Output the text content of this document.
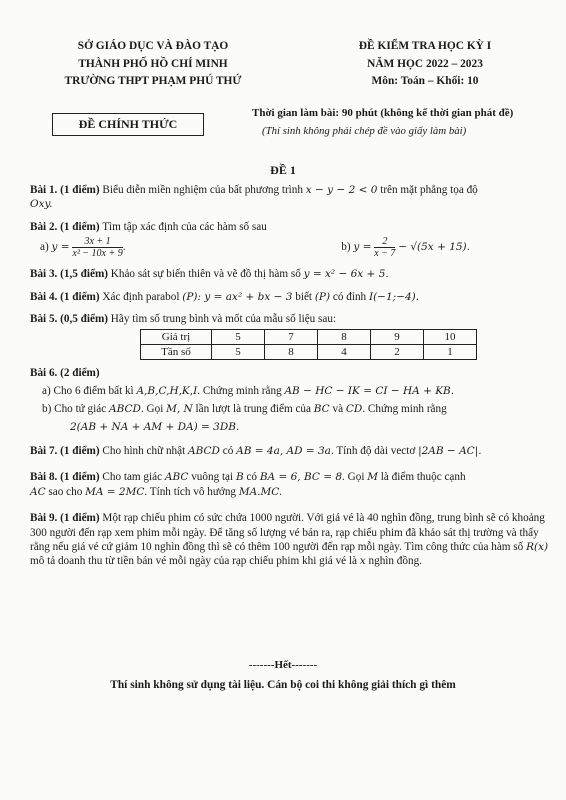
SỞ GIÁO DỤC VÀ ĐÀO TẠO
THÀNH PHỐ HỒ CHÍ MINH
TRƯỜNG THPT PHẠM PHÚ THỨ
ĐỀ CHÍNH THỨC
ĐỀ KIỂM TRA HỌC KỲ I
NĂM HỌC 2022 – 2023
Môn: Toán – Khối: 10
Thời gian làm bài: 90 phút (không kể thời gian phát đề)
(Thí sinh không phải chép đề vào giấy làm bài)
ĐỀ 1
Bài 1. (1 điểm) Biểu diễn miền nghiệm của bất phương trình x − y − 2 < 0 trên mặt phẳng tọa độ
Oxy.
Bài 2. (1 điểm) Tìm tập xác định của các hàm số sau
a) $y = \frac{3x + 1}{\text{x² − 10x + 9}}$ .	b) $y = \frac{2}{x - 7} - √(5x + 15)$.
Bài 3. (1,5 điểm) Khảo sát sự biến thiên và vẽ đồ thị hàm số y = x² − 6x + 5.
Bài 4. (1 điểm) Xác định parabol (P): y = ax² + bx − 3 biết (P) có đỉnh I(−1;−4).
Bài 5. (0,5 điểm) Hãy tìm số trung bình và mốt của mẫu số liệu sau:
Giá trị	5	7	8	9	10
Tần số	5	8	4	2	1
Bài 6. (2 điểm)
a) Cho 6 điểm bất kì A,B,C,H,K,I. Chứng minh rằng AB − HC − IK = CI − HA + KB.
b) Cho tứ giác ABCD. Gọi M, N lần lượt là trung điểm của BC và CD. Chứng minh rằng
2(AB + NA + AM + DA) = 3DB.
Bài 7. (1 điểm) Cho hình chữ nhật ABCD có AB = 4a, AD = 3a. Tính độ dài vectơ |2AB − AC|.
Bài 8. (1 điểm) Cho tam giác ABC vuông tại B có BA = 6, BC = 8. Gọi M là điểm thuộc cạnh
AC sao cho MA = 2MC. Tính tích vô hướng MA.MC.
Bài 9. (1 điểm) Một rạp chiếu phim có sức chứa 1000 người. Với giá vé là 40 nghìn đồng, trung bình sẽ có khoảng 300 người đến rạp xem phim mỗi ngày. Để tăng số lượng vé bán ra, rạp chiếu phim đã khảo sát thị trường và thấy rằng nếu giá vé cứ giảm 10 nghìn đồng thì sẽ có thêm 100 người đến rạp mỗi ngày. Tìm công thức của hàm số R(x) mô tả doanh thu từ tiền bán vé mỗi ngày của rạp chiếu phim khi giá vé là x nghìn đồng.
-------Hết-------
Thí sinh không sử dụng tài liệu. Cán bộ coi thi không giải thích gì thêm
